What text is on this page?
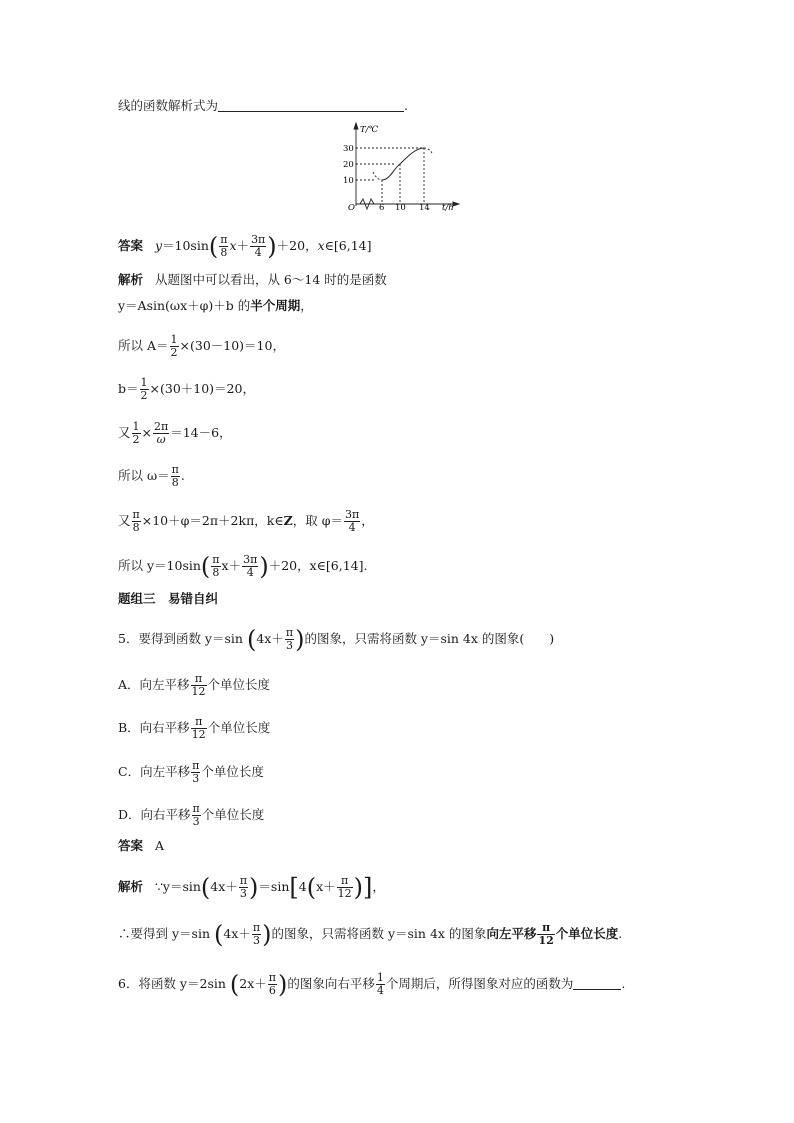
线的函数解析式为	.
T/℃
30
20
10
O	6 10 14 t/h
答案 $y=10\sin( \frac{\pi}{8} x+ \frac{3\pi}{4} )+20$，x∈[6,14]
解析 从题图中可以看出，从 6～14 时的是函数
y＝Asin(ωx＋φ)＋b 的半个周期，
所以 $A= \frac{1}{2} \times(30-10)=10$，
$b= \frac{1}{2} \times(30+10)=20$，
又 $\frac{1}{2} \times \frac{2\pi}{\omega} =14-6$，
所以 $\omega= \frac{\pi}{8}$ .
又 $\frac{\pi}{8} \times 10+\varphi=2\pi+2k\pi$，k∈Z，取 $\varphi= \frac{3\pi}{4}$ ，
所以 $y=10\sin( \frac{\pi}{8} x+ \frac{3\pi}{4} )+20$，x∈[6,14].
题组三　易错自纠
5．要得到函数 y＝sin ($4x+ \frac{\pi}{3}$ )的图象，只需将函数 y＝sin 4x 的图象(　　)
A．向左平移 $\frac{\pi}{12}$ 个单位长度
B．向右平移 $\frac{\pi}{12}$ 个单位长度
C．向左平移 $\frac{\pi}{3}$ 个单位长度
D．向右平移 $\frac{\pi}{3}$ 个单位长度
答案 A
解析 ∵y＝sin(4x＋ $\frac{\pi}{3} )=\sin[4(x+ \frac{\pi}{12}$ )]，
∴要得到 y＝sin ($4x+ \frac{\pi}{3}$ )的图象，只需将函数 y＝sin 4x 的图象向左平移 $\frac{\pi}{12}$ 个单位长度.
6．将函数 y＝2sin ($2x+ \frac{\pi}{6}$ )的图象向右平移 $\frac{1}{4}$ 个周期后，所得图象对应的函数为	.
